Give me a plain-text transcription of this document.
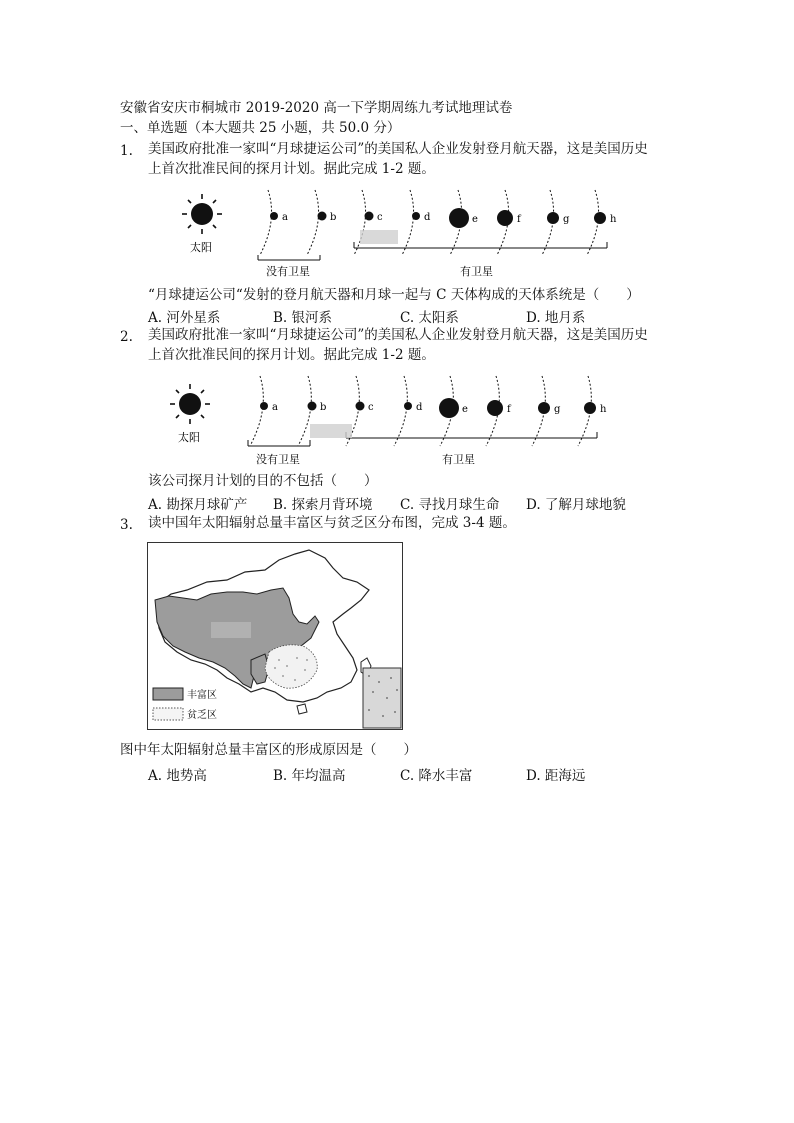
安徽省安庆市桐城市 2019-2020 高一下学期周练九考试地理试卷
一、单选题（本大题共 25 小题，共 50.0 分）
1. 美国政府批准一家叫“月球捷运公司”的美国私人企业发射登月航天器，这是美国历史
上首次批准民间的探月计划。据此完成 1-2 题。
太阳
a	b	c	d	e	f	g	h
没有卫星	有卫星
“月球捷运公司“发射的登月航天器和月球一起与 C 天体构成的天体系统是（　　）
A. 河外星系	B. 银河系	C. 太阳系	D. 地月系
2. 美国政府批准一家叫“月球捷运公司”的美国私人企业发射登月航天器，这是美国历史
上首次批准民间的探月计划。据此完成 1-2 题。
太阳
a	b	c	d	e	f	g	h
没有卫星	有卫星
该公司探月计划的目的不包括（　　）
A. 勘探月球矿产 B. 探索月背环境 C. 寻找月球生命 D. 了解月球地貌
3. 读中国年太阳辐射总量丰富区与贫乏区分布图，完成 3-4 题。
丰富区
贫乏区
图中年太阳辐射总量丰富区的形成原因是（　　）
A. 地势高	B. 年均温高	C. 降水丰富	D. 距海远
